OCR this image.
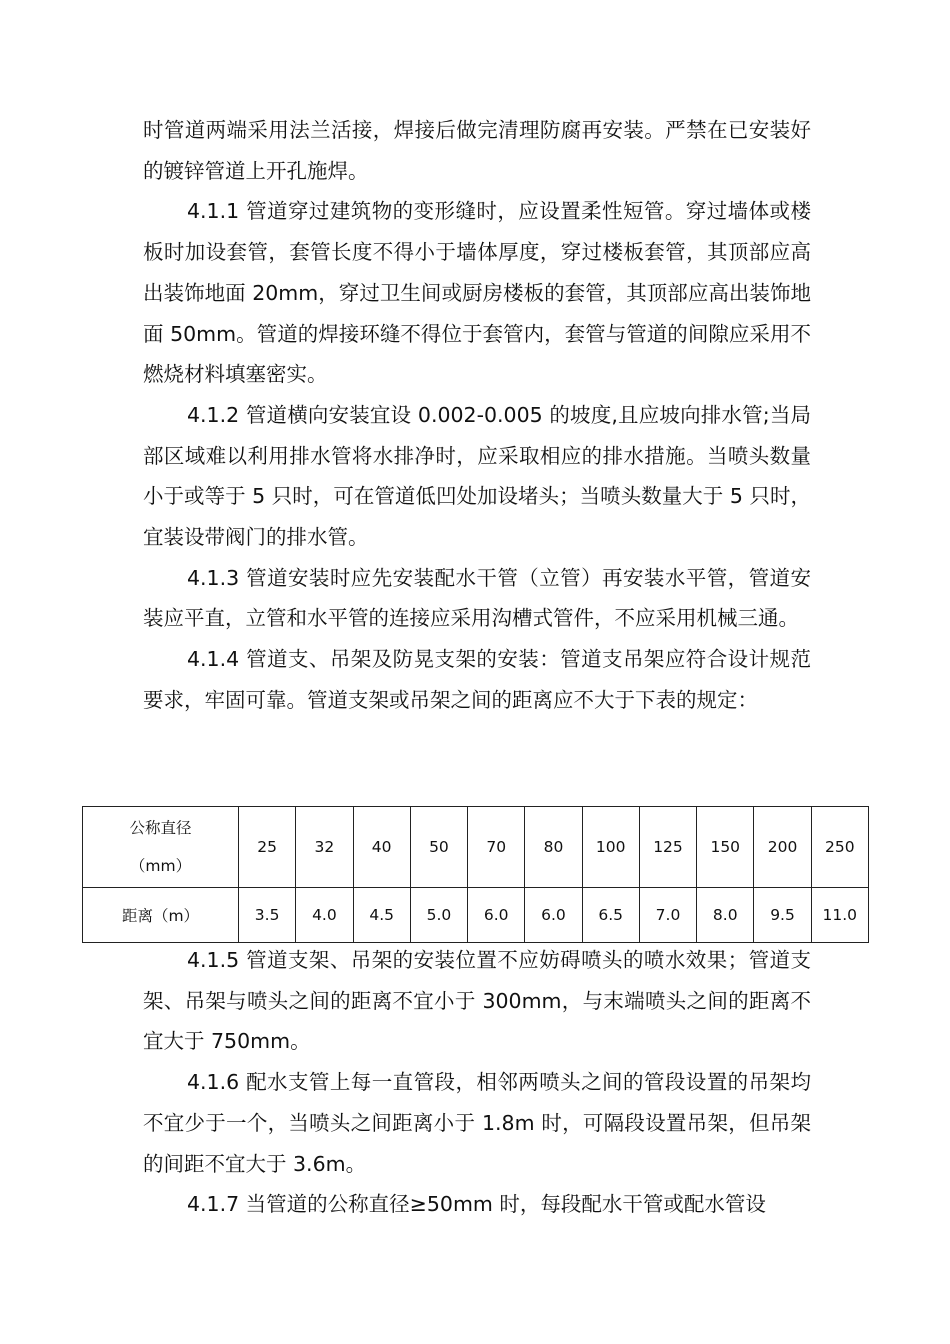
时管道两端采用法兰活接，焊接后做完清理防腐再安装。严禁在已安装好的镀锌管道上开孔施焊。

4.1.1 管道穿过建筑物的变形缝时，应设置柔性短管。穿过墙体或楼板时加设套管，套管长度不得小于墙体厚度，穿过楼板套管，其顶部应高出装饰地面 20mm，穿过卫生间或厨房楼板的套管，其顶部应高出装饰地面 50mm。管道的焊接环缝不得位于套管内，套管与管道的间隙应采用不燃烧材料填塞密实。

4.1.2 管道横向安装宜设 0.002-0.005 的坡度,且应坡向排水管;当局部区域难以利用排水管将水排净时，应采取相应的排水措施。当喷头数量小于或等于 5 只时，可在管道低凹处加设堵头；当喷头数量大于 5 只时，宜装设带阀门的排水管。

4.1.3 管道安装时应先安装配水干管（立管）再安装水平管，管道安装应平直，立管和水平管的连接应采用沟槽式管件，不应采用机械三通。

4.1.4 管道支、吊架及防晃支架的安装：管道支吊架应符合设计规范要求，牢固可靠。管道支架或吊架之间的距离应不大于下表的规定：

公称直径
（mm）	25	32	40	50	70	80	100	125	150	200	250
距离（m）	3.5	4.0	4.5	5.0	6.0	6.0	6.5	7.0	8.0	9.5	11.0

4.1.5 管道支架、吊架的安装位置不应妨碍喷头的喷水效果；管道支架、吊架与喷头之间的距离不宜小于 300mm，与末端喷头之间的距离不宜大于 750mm。

4.1.6 配水支管上每一直管段，相邻两喷头之间的管段设置的吊架均不宜少于一个，当喷头之间距离小于 1.8m 时，可隔段设置吊架，但吊架的间距不宜大于 3.6m。

4.1.7 当管道的公称直径≥50mm 时，每段配水干管或配水管设
